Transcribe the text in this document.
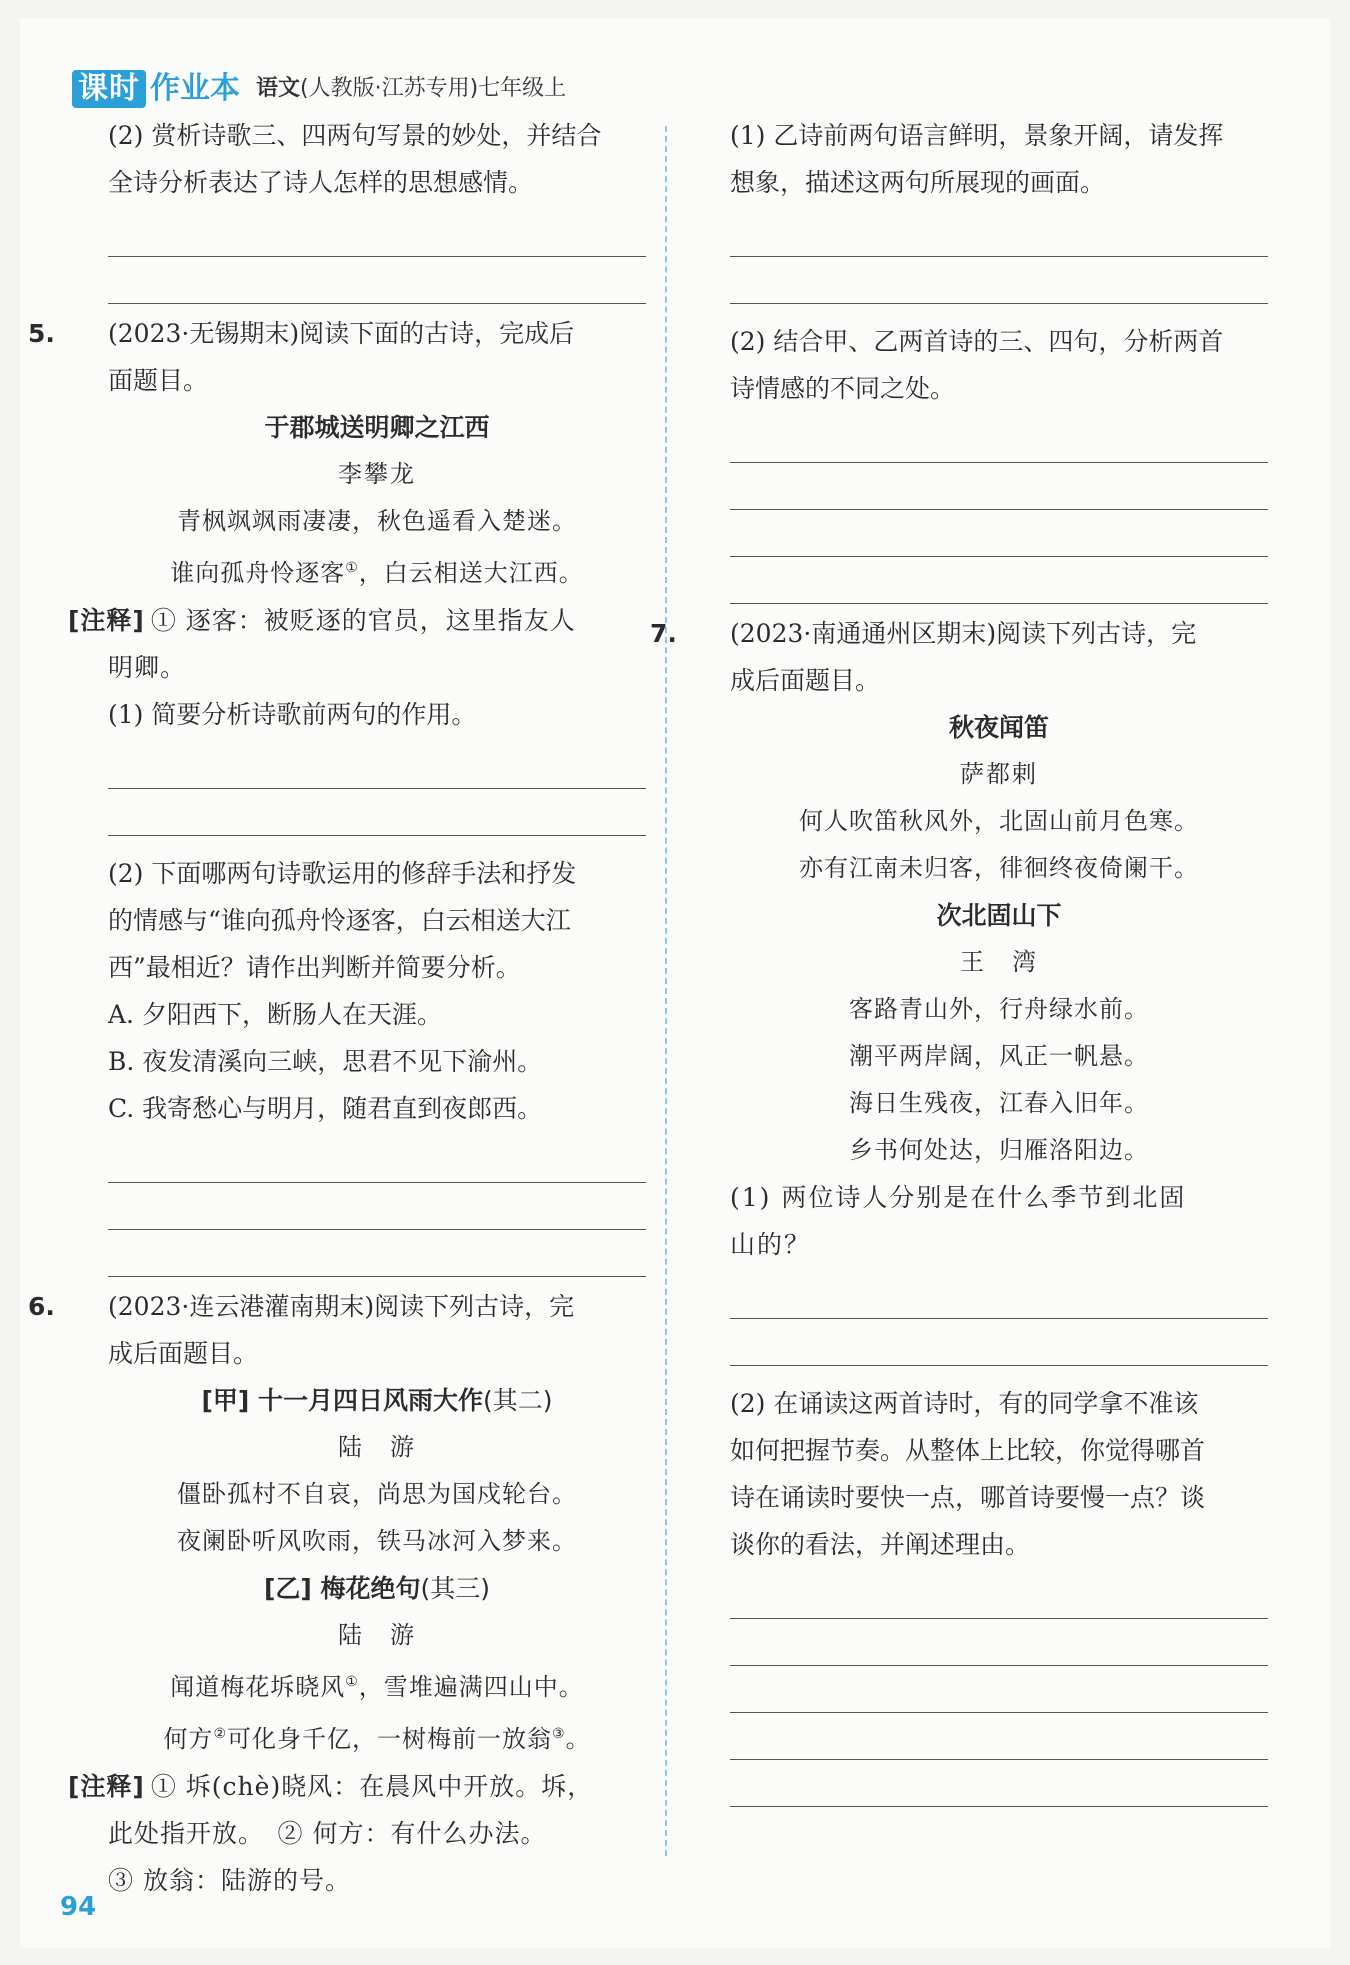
课时 作业本 语文(人教版·江苏专用)七年级上

(2) 赏析诗歌三、四两句写景的妙处，并结合
全诗分析表达了诗人怎样的思想感情。

5. (2023·无锡期末)阅读下面的古诗，完成后
面题目。

于郡城送明卿之江西

李攀龙

青枫飒飒雨凄凄，秋色遥看入楚迷。

谁向孤舟怜逐客①，白云相送大江西。

[注释] ① 逐客：被贬逐的官员，这里指友人
明卿。

(1) 简要分析诗歌前两句的作用。

(2) 下面哪两句诗歌运用的修辞手法和抒发
的情感与“谁向孤舟怜逐客，白云相送大江
西”最相近？请作出判断并简要分析。

A. 夕阳西下，断肠人在天涯。

B. 夜发清溪向三峡，思君不见下渝州。

C. 我寄愁心与明月，随君直到夜郎西。

6. (2023·连云港灌南期末)阅读下列古诗，完
成后面题目。

[甲] 十一月四日风雨大作(其二)

陆　游

僵卧孤村不自哀，尚思为国戍轮台。

夜阑卧听风吹雨，铁马冰河入梦来。

[乙] 梅花绝句(其三)

陆　游

闻道梅花坼晓风①，雪堆遍满四山中。

何方②可化身千亿，一树梅前一放翁③。

[注释] ① 坼(chè)晓风：在晨风中开放。坼，
此处指开放。　② 何方：有什么办法。
③ 放翁：陆游的号。

(1) 乙诗前两句语言鲜明，景象开阔，请发挥
想象，描述这两句所展现的画面。

(2) 结合甲、乙两首诗的三、四句，分析两首
诗情感的不同之处。

7. (2023·南通通州区期末)阅读下列古诗，完
成后面题目。

秋夜闻笛

萨都剌

何人吹笛秋风外，北固山前月色寒。

亦有江南未归客，徘徊终夜倚阑干。

次北固山下

王　湾

客路青山外，行舟绿水前。

潮平两岸阔，风正一帆悬。

海日生残夜，江春入旧年。

乡书何处达，归雁洛阳边。

(1) 两位诗人分别是在什么季节到北固
山的？

(2) 在诵读这两首诗时，有的同学拿不准该
如何把握节奏。从整体上比较，你觉得哪首
诗在诵读时要快一点，哪首诗要慢一点？谈
谈你的看法，并阐述理由。

94
